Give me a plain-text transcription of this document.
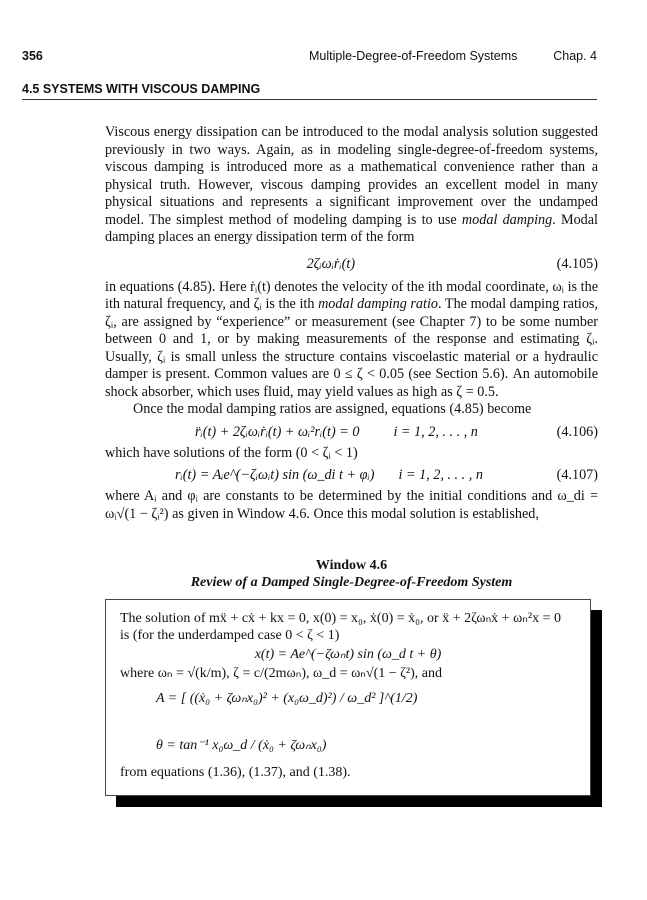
356	Multiple-Degree-of-Freedom Systems	Chap. 4
4.5 SYSTEMS WITH VISCOUS DAMPING

Viscous energy dissipation can be introduced to the modal analysis solution suggested previously in two ways. Again, as in modeling single-degree-of-freedom systems, viscous damping is introduced more as a mathematical convenience rather than a physical truth. However, viscous damping provides an excellent model in many physical situations and represents a significant improvement over the undamped model. The simplest method of modeling damping is to use modal damping. Modal damping places an energy dissipation term of the form

2ζᵢωᵢṙᵢ(t)	(4.105)

in equations (4.85). Here ṙᵢ(t) denotes the velocity of the ith modal coordinate, ωᵢ is the ith natural frequency, and ζᵢ is the ith modal damping ratio. The modal damping ratios, ζᵢ, are assigned by “experience” or measurement (see Chapter 7) to be some number between 0 and 1, or by making measurements of the response and estimating ζᵢ. Usually, ζᵢ is small unless the structure contains viscoelastic material or a hydraulic damper is present. Common values are 0 ≤ ζ < 0.05 (see Section 5.6). An automobile shock absorber, which uses fluid, may yield values as high as ζ = 0.5.

Once the modal damping ratios are assigned, equations (4.85) become

r̈ᵢ(t) + 2ζᵢωᵢṙᵢ(t) + ωᵢ²rᵢ(t) = 0	i = 1, 2, . . . , n	(4.106)

which have solutions of the form (0 < ζᵢ < 1)

rᵢ(t) = Aᵢe^(−ζᵢωᵢt) sin (ω_di t + φᵢ)	i = 1, 2, . . . , n	(4.107)

where Aᵢ and φᵢ are constants to be determined by the initial conditions and ω_di = ωᵢ√(1 − ζᵢ²) as given in Window 4.6. Once this modal solution is established,

Window 4.6
Review of a Damped Single-Degree-of-Freedom System
The solution of mẍ + cẋ + kx = 0, x(0) = x₀, ẋ(0) = ẋ₀, or ẍ + 2ζωₙẋ + ωₙ²x = 0
is (for the underdamped case 0 < ζ < 1)
x(t) = Ae^(−ζωₙt) sin (ω_d t + θ)
where ωₙ = √(k/m), ζ = c/(2mωₙ), ω_d = ωₙ√(1 − ζ²), and
A = [ ((ẋ₀ + ζωₙx₀)² + (x₀ω_d)²) / ω_d² ]^(1/2)
θ = tan⁻¹ x₀ω_d / (ẋ₀ + ζωₙx₀)
from equations (1.36), (1.37), and (1.38).
